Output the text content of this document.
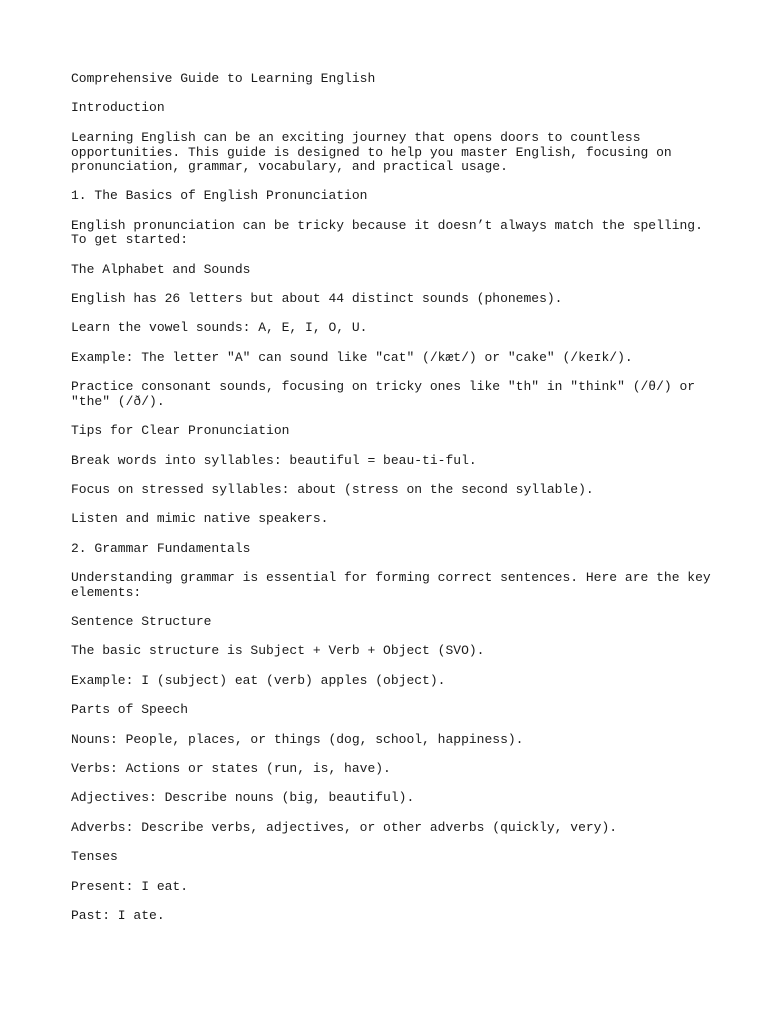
Comprehensive Guide to Learning English

Introduction

Learning English can be an exciting journey that opens doors to countless

opportunities. This guide is designed to help you master English, focusing on

pronunciation, grammar, vocabulary, and practical usage.

1. The Basics of English Pronunciation

English pronunciation can be tricky because it doesn’t always match the spelling.

To get started:

The Alphabet and Sounds

English has 26 letters but about 44 distinct sounds (phonemes).

Learn the vowel sounds: A, E, I, O, U.

Example: The letter "A" can sound like "cat" (/kæt/) or "cake" (/keɪk/).

Practice consonant sounds, focusing on tricky ones like "th" in "think" (/θ/) or

"the" (/ð/).

Tips for Clear Pronunciation

Break words into syllables: beautiful = beau-ti-ful.

Focus on stressed syllables: about (stress on the second syllable).

Listen and mimic native speakers.

2. Grammar Fundamentals

Understanding grammar is essential for forming correct sentences. Here are the key

elements:

Sentence Structure

The basic structure is Subject + Verb + Object (SVO).

Example: I (subject) eat (verb) apples (object).

Parts of Speech

Nouns: People, places, or things (dog, school, happiness).

Verbs: Actions or states (run, is, have).

Adjectives: Describe nouns (big, beautiful).

Adverbs: Describe verbs, adjectives, or other adverbs (quickly, very).

Tenses

Present: I eat.

Past: I ate.
